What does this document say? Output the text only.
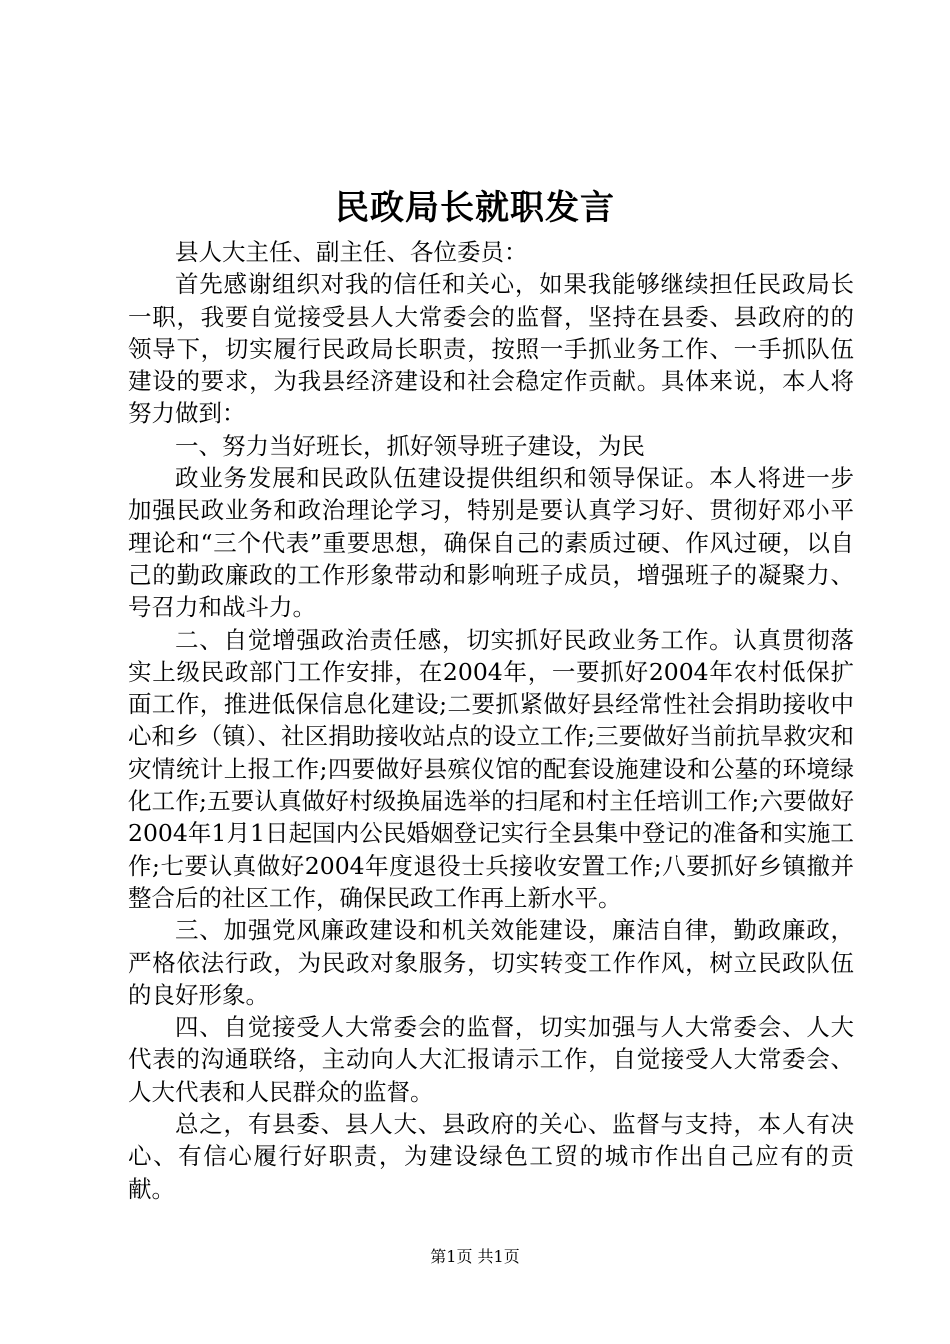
民政局长就职发言

县人大主任、副主任、各位委员：

首先感谢组织对我的信任和关心，如果我能够继续担任民政局长一职，我要自觉接受县人大常委会的监督，坚持在县委、县政府的的领导下，切实履行民政局长职责，按照一手抓业务工作、一手抓队伍建设的要求，为我县经济建设和社会稳定作贡献。具体来说，本人将努力做到：

一、努力当好班长，抓好领导班子建设，为民

政业务发展和民政队伍建设提供组织和领导保证。本人将进一步加强民政业务和政治理论学习，特别是要认真学习好、贯彻好邓小平理论和“三个代表”重要思想，确保自己的素质过硬、作风过硬，以自己的勤政廉政的工作形象带动和影响班子成员，增强班子的凝聚力、号召力和战斗力。

二、自觉增强政治责任感，切实抓好民政业务工作。认真贯彻落实上级民政部门工作安排，在2004年，一要抓好2004年农村低保扩面工作，推进低保信息化建设;二要抓紧做好县经常性社会捐助接收中心和乡（镇）、社区捐助接收站点的设立工作;三要做好当前抗旱救灾和灾情统计上报工作;四要做好县殡仪馆的配套设施建设和公墓的环境绿化工作;五要认真做好村级换届选举的扫尾和村主任培训工作;六要做好2004年1月1日起国内公民婚姻登记实行全县集中登记的准备和实施工作;七要认真做好2004年度退役士兵接收安置工作;八要抓好乡镇撤并整合后的社区工作，确保民政工作再上新水平。

三、加强党风廉政建设和机关效能建设，廉洁自律，勤政廉政，严格依法行政，为民政对象服务，切实转变工作作风，树立民政队伍的良好形象。

四、自觉接受人大常委会的监督，切实加强与人大常委会、人大代表的沟通联络，主动向人大汇报请示工作，自觉接受人大常委会、人大代表和人民群众的监督。

总之，有县委、县人大、县政府的关心、监督与支持，本人有决心、有信心履行好职责，为建设绿色工贸的城市作出自己应有的贡献。

第1页 共1页
